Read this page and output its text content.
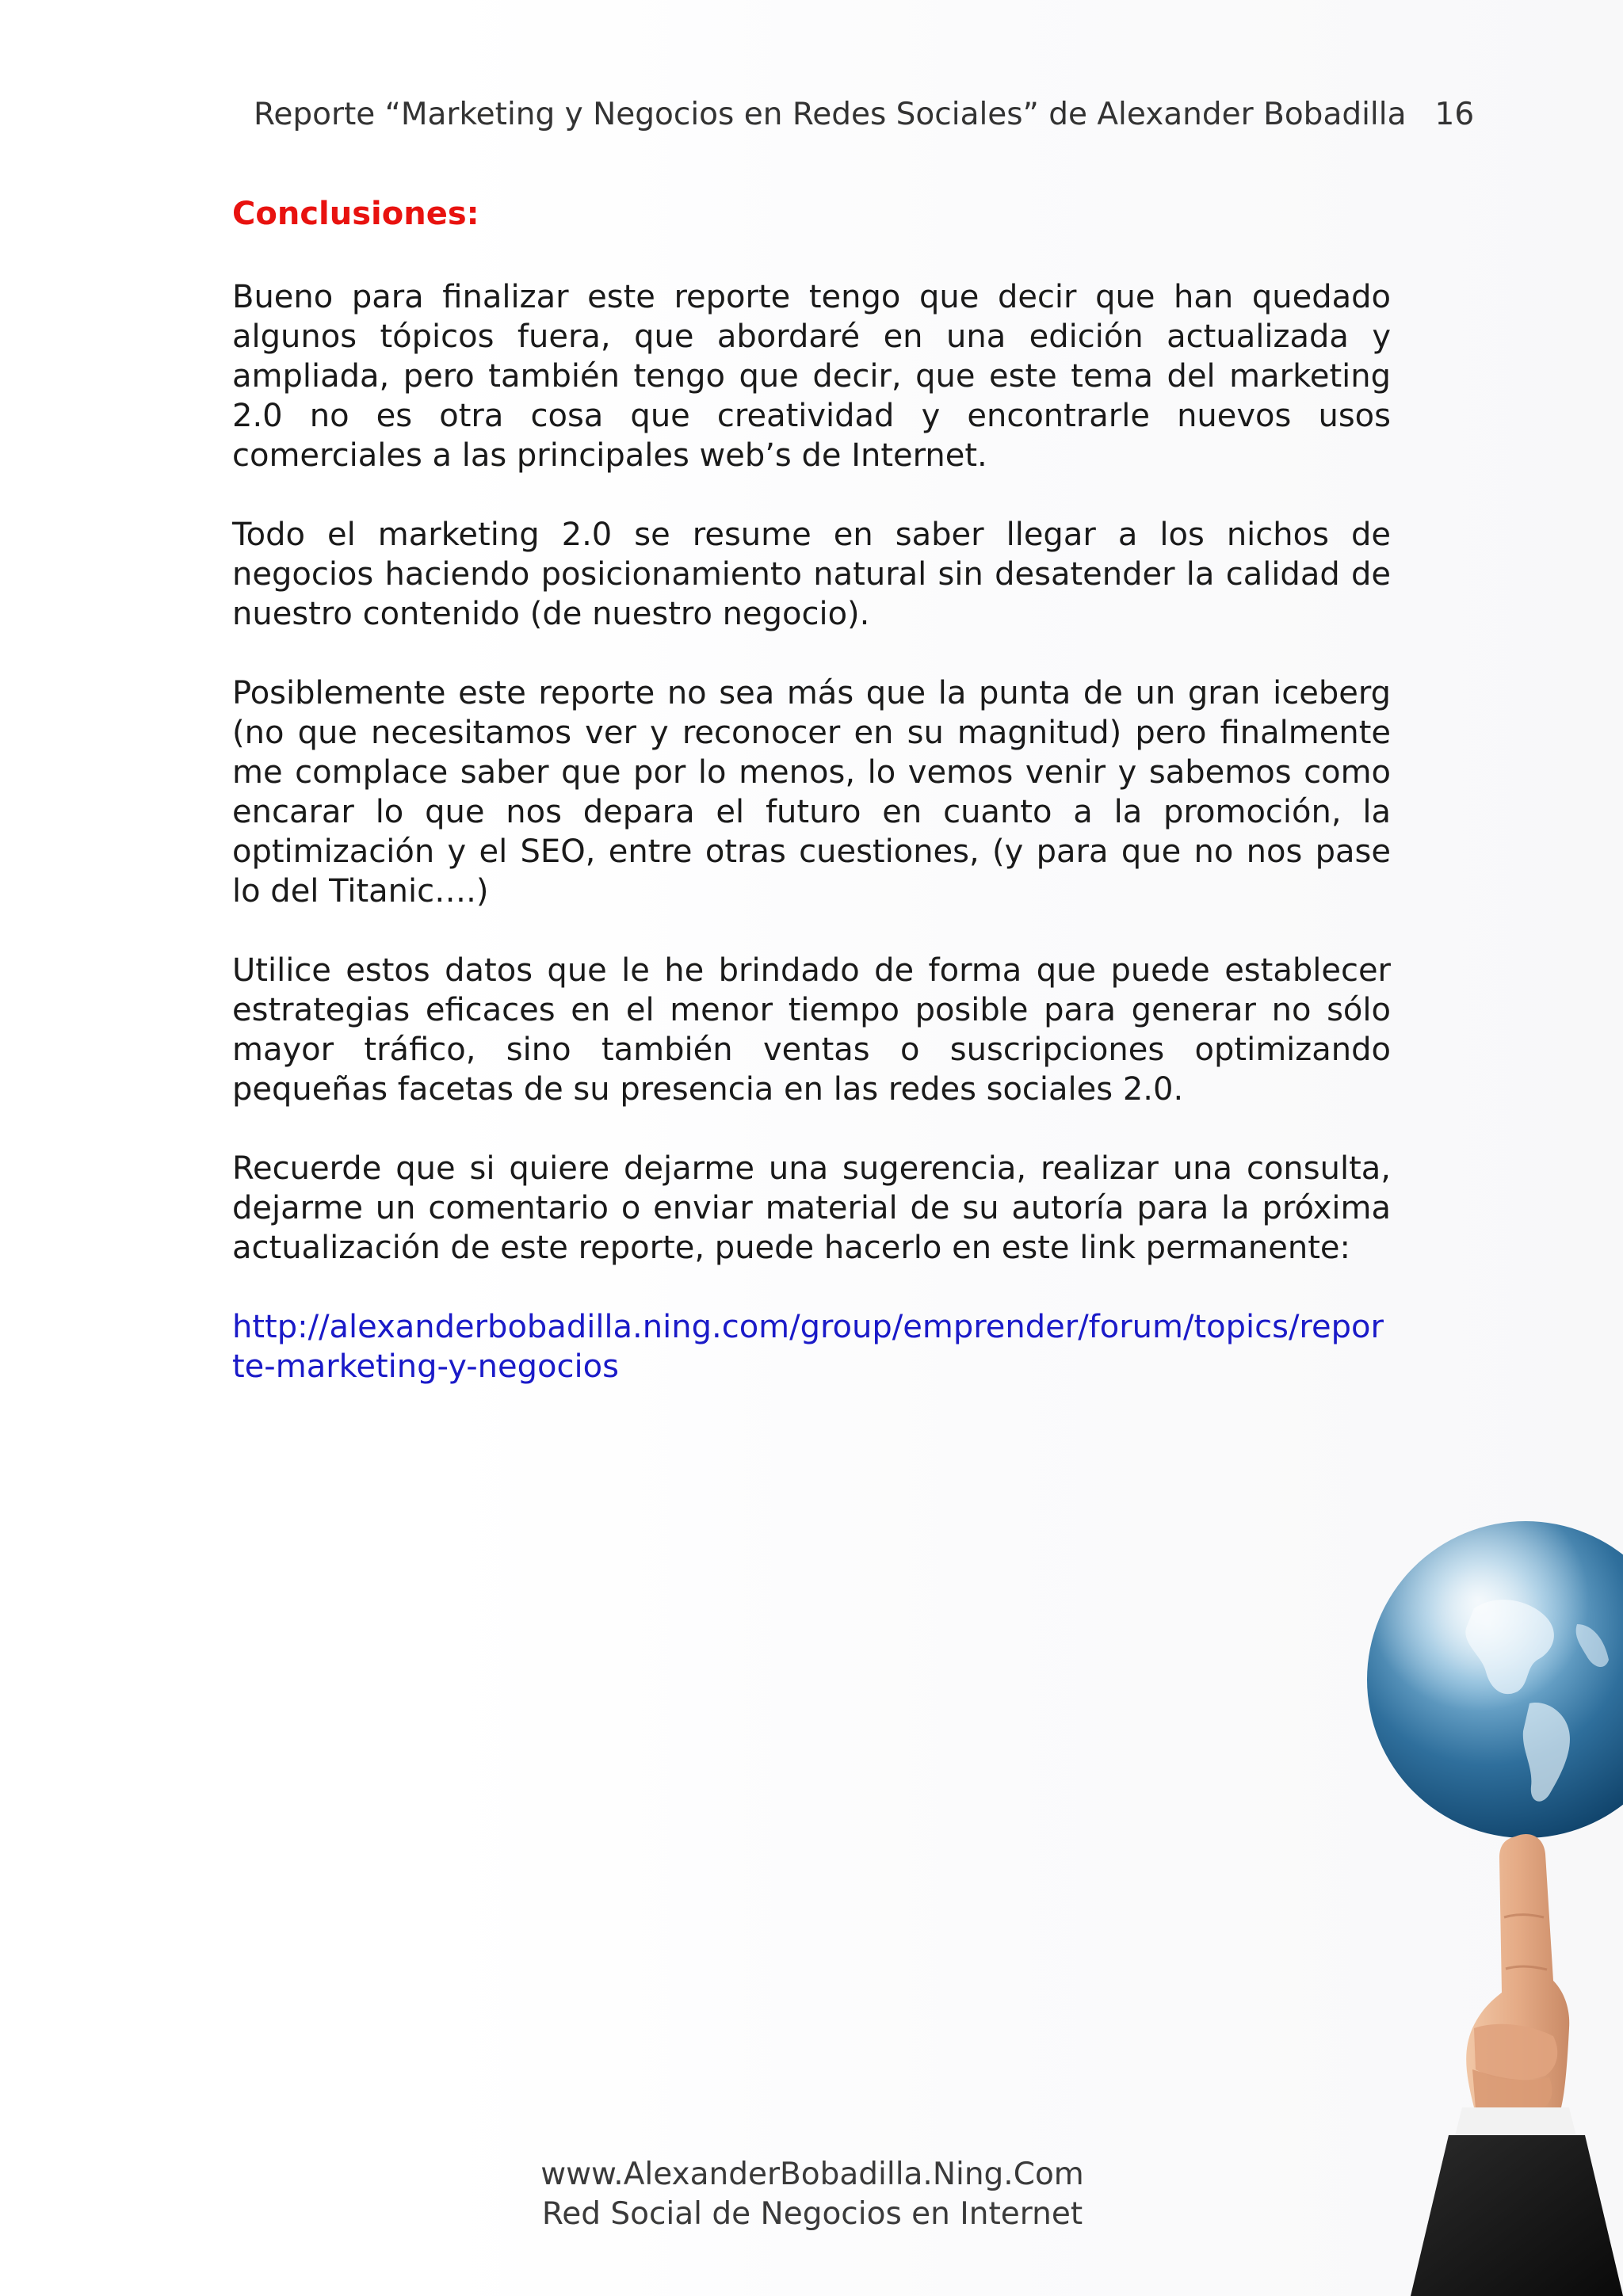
Reporte “Marketing y Negocios en Redes Sociales” de Alexander Bobadilla 16
Conclusiones:

Bueno para finalizar este reporte tengo que decir que han quedado algunos tópicos fuera, que abordaré en una edición actualizada y ampliada, pero también tengo que decir, que este tema del marketing 2.0 no es otra cosa que creatividad y encontrarle nuevos usos comerciales a las principales web’s de Internet.

Todo el marketing 2.0 se resume en saber llegar a los nichos de negocios haciendo posicionamiento natural sin desatender la calidad de nuestro contenido (de nuestro negocio).

Posiblemente este reporte no sea más que la punta de un gran iceberg (no que necesitamos ver y reconocer en su magnitud) pero finalmente me complace saber que por lo menos, lo vemos venir y sabemos como encarar lo que nos depara el futuro en cuanto a la promoción, la optimización y el SEO, entre otras cuestiones, (y para que no nos pase lo del Titanic….)

Utilice estos datos que le he brindado de forma que puede establecer estrategias eficaces en el menor tiempo posible para generar no sólo mayor tráfico, sino también ventas o suscripciones optimizando pequeñas facetas de su presencia en las redes sociales 2.0.

Recuerde que si quiere dejarme una sugerencia, realizar una consulta, dejarme un comentario o enviar material de su autoría para la próxima actualización de este reporte, puede hacerlo en este link permanente:

http://alexanderbobadilla.ning.com/group/emprender/forum/topics/reporte-marketing-y-negocios
www.AlexanderBobadilla.Ning.Com
Red Social de Negocios en Internet
